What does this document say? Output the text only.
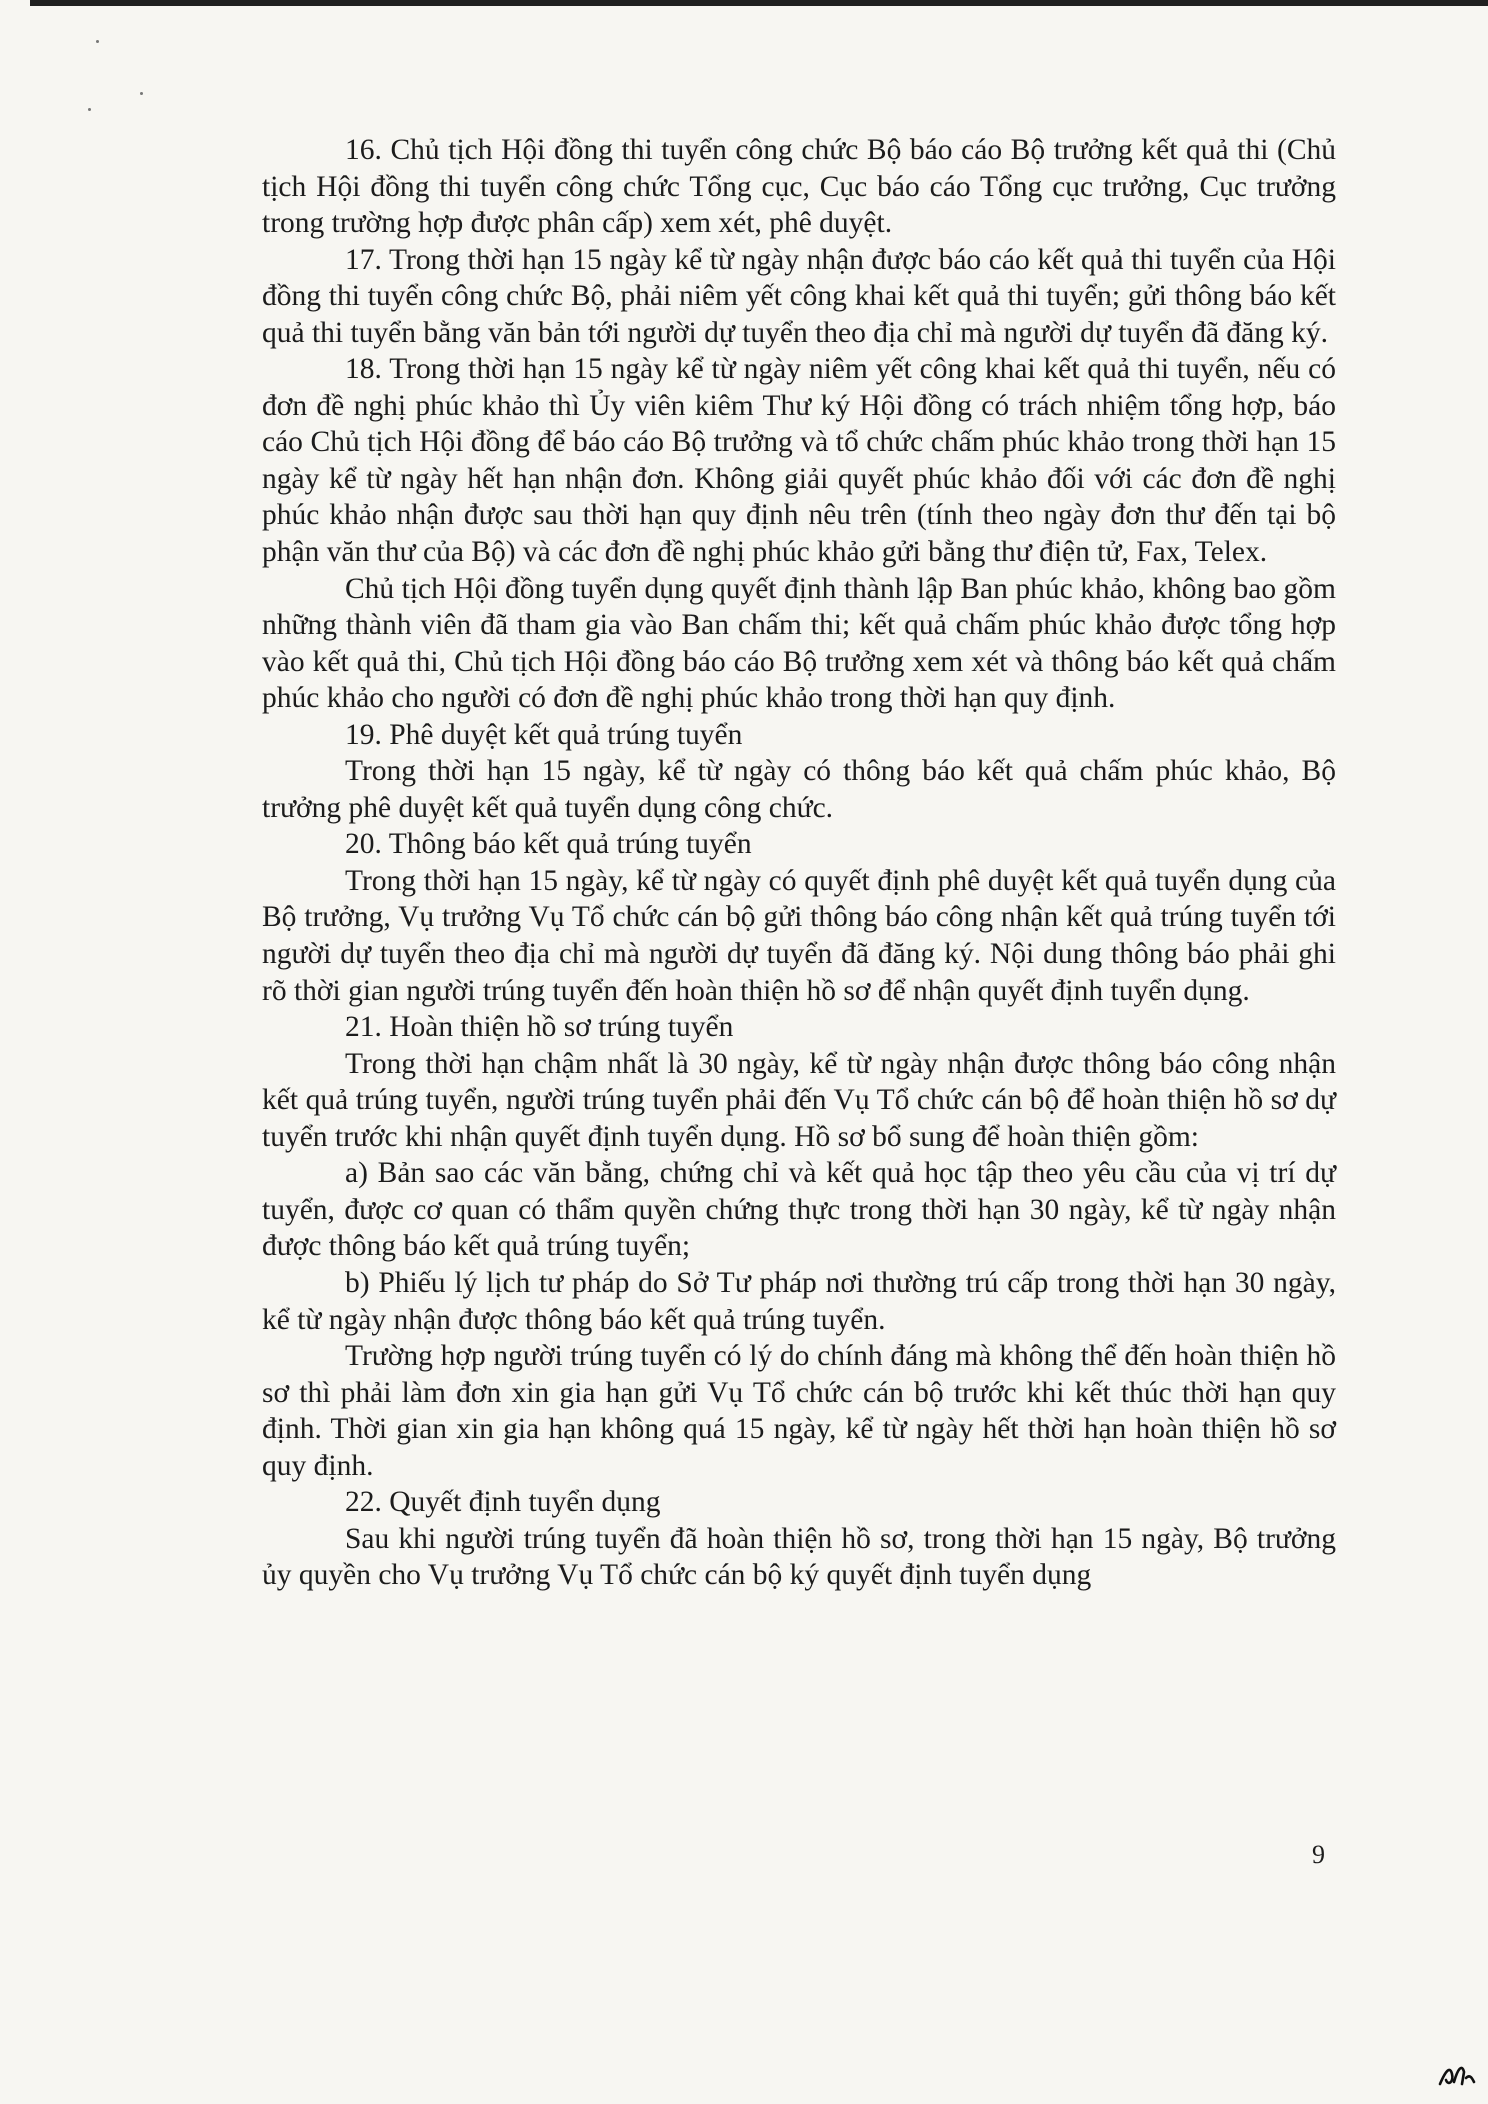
16. Chủ tịch Hội đồng thi tuyển công chức Bộ báo cáo Bộ trưởng kết quả thi (Chủ tịch Hội đồng thi tuyển công chức Tổng cục, Cục báo cáo Tổng cục trưởng, Cục trưởng trong trường hợp được phân cấp) xem xét, phê duyệt.

17. Trong thời hạn 15 ngày kể từ ngày nhận được báo cáo kết quả thi tuyển của Hội đồng thi tuyển công chức Bộ, phải niêm yết công khai kết quả thi tuyển; gửi thông báo kết quả thi tuyển bằng văn bản tới người dự tuyển theo địa chỉ mà người dự tuyển đã đăng ký.

18. Trong thời hạn 15 ngày kể từ ngày niêm yết công khai kết quả thi tuyển, nếu có đơn đề nghị phúc khảo thì Ủy viên kiêm Thư ký Hội đồng có trách nhiệm tổng hợp, báo cáo Chủ tịch Hội đồng để báo cáo Bộ trưởng và tổ chức chấm phúc khảo trong thời hạn 15 ngày kể từ ngày hết hạn nhận đơn. Không giải quyết phúc khảo đối với các đơn đề nghị phúc khảo nhận được sau thời hạn quy định nêu trên (tính theo ngày đơn thư đến tại bộ phận văn thư của Bộ) và các đơn đề nghị phúc khảo gửi bằng thư điện tử, Fax, Telex.

Chủ tịch Hội đồng tuyển dụng quyết định thành lập Ban phúc khảo, không bao gồm những thành viên đã tham gia vào Ban chấm thi; kết quả chấm phúc khảo được tổng hợp vào kết quả thi, Chủ tịch Hội đồng báo cáo Bộ trưởng xem xét và thông báo kết quả chấm phúc khảo cho người có đơn đề nghị phúc khảo trong thời hạn quy định.

19. Phê duyệt kết quả trúng tuyển

Trong thời hạn 15 ngày, kể từ ngày có thông báo kết quả chấm phúc khảo, Bộ trưởng phê duyệt kết quả tuyển dụng công chức.

20. Thông báo kết quả trúng tuyển

Trong thời hạn 15 ngày, kể từ ngày có quyết định phê duyệt kết quả tuyển dụng của Bộ trưởng, Vụ trưởng Vụ Tổ chức cán bộ gửi thông báo công nhận kết quả trúng tuyển tới người dự tuyển theo địa chỉ mà người dự tuyển đã đăng ký. Nội dung thông báo phải ghi rõ thời gian người trúng tuyển đến hoàn thiện hồ sơ để nhận quyết định tuyển dụng.

21. Hoàn thiện hồ sơ trúng tuyển

Trong thời hạn chậm nhất là 30 ngày, kể từ ngày nhận được thông báo công nhận kết quả trúng tuyển, người trúng tuyển phải đến Vụ Tổ chức cán bộ để hoàn thiện hồ sơ dự tuyển trước khi nhận quyết định tuyển dụng. Hồ sơ bổ sung để hoàn thiện gồm:

a) Bản sao các văn bằng, chứng chỉ và kết quả học tập theo yêu cầu của vị trí dự tuyển, được cơ quan có thẩm quyền chứng thực trong thời hạn 30 ngày, kể từ ngày nhận được thông báo kết quả trúng tuyển;

b) Phiếu lý lịch tư pháp do Sở Tư pháp nơi thường trú cấp trong thời hạn 30 ngày, kể từ ngày nhận được thông báo kết quả trúng tuyển.

Trường hợp người trúng tuyển có lý do chính đáng mà không thể đến hoàn thiện hồ sơ thì phải làm đơn xin gia hạn gửi Vụ Tổ chức cán bộ trước khi kết thúc thời hạn quy định. Thời gian xin gia hạn không quá 15 ngày, kể từ ngày hết thời hạn hoàn thiện hồ sơ quy định.

22. Quyết định tuyển dụng

Sau khi người trúng tuyển đã hoàn thiện hồ sơ, trong thời hạn 15 ngày, Bộ trưởng ủy quyền cho Vụ trưởng Vụ Tổ chức cán bộ ký quyết định tuyển dụng

9
